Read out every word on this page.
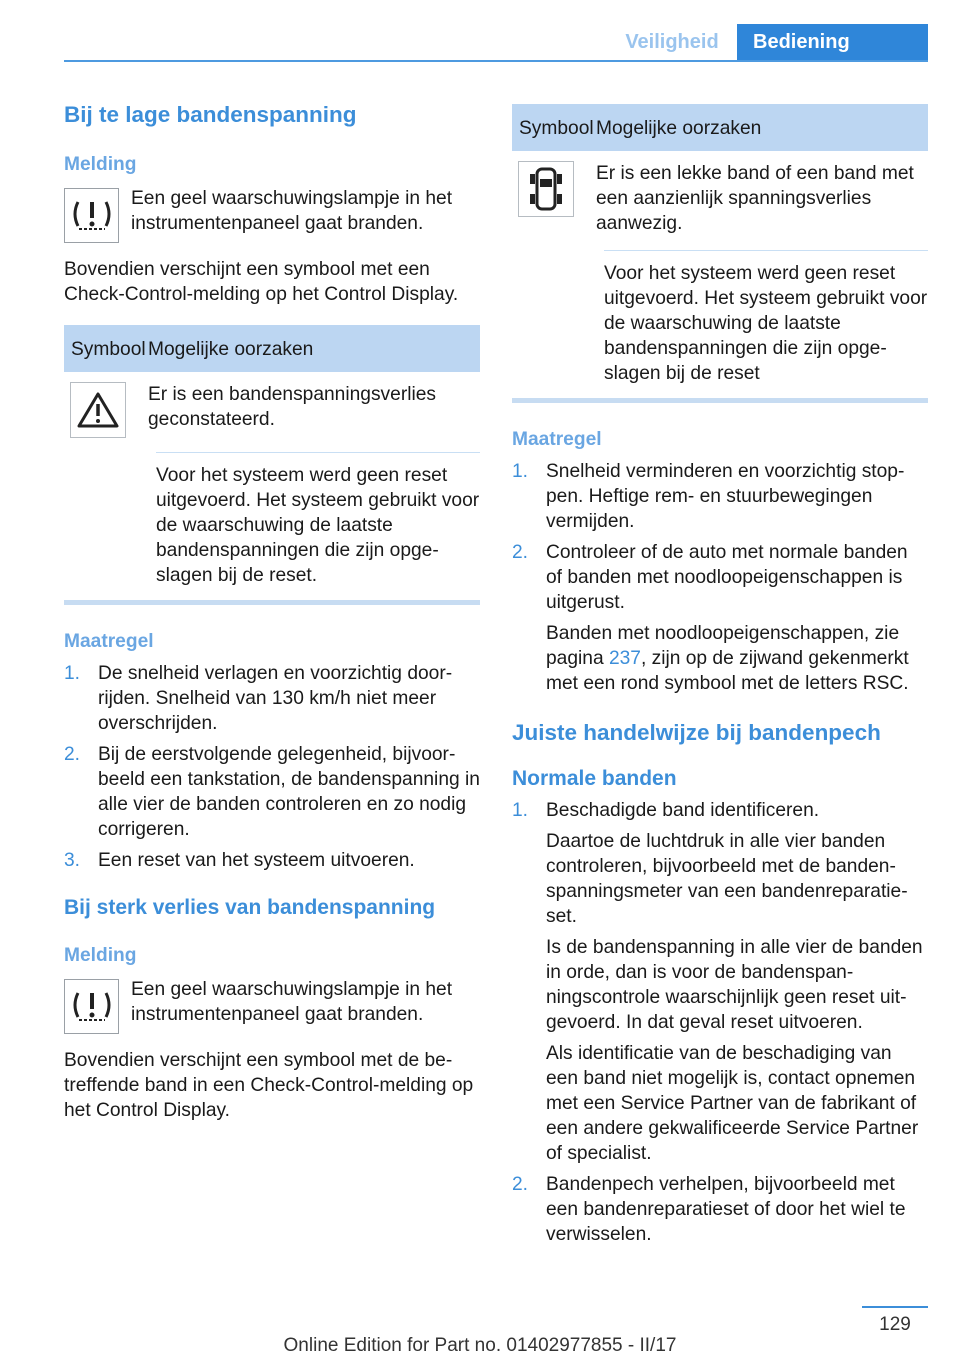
Veiligheid	Bediening
Bij te lage bandenspanning
Melding

Een geel waarschuwingslampje in het instrumentenpaneel gaat branden.

Bovendien verschijnt een symbool met een Check-Control-melding op het Control Display.

Symbool Mogelijke oorzaken
Er is een bandenspanningsverlies geconstateerd.
Voor het systeem werd geen reset uitgevoerd. Het systeem gebruikt voor de waarschuwing de laatste bandenspanningen die zijn opgeslagen bij de reset.
Maatregel
1. De snelheid verlagen en voorzichtig doorrijden. Snelheid van 130 km/h niet meer overschrijden.
2. Bij de eerstvolgende gelegenheid, bijvoorbeeld een tankstation, de bandenspanning in alle vier de banden controleren en zo nodig corrigeren.
3. Een reset van het systeem uitvoeren.
Bij sterk verlies van bandenspanning
Melding

Een geel waarschuwingslampje in het instrumentenpaneel gaat branden.

Bovendien verschijnt een symbool met de betreffende band in een Check-Control-melding op het Control Display.

Symbool Mogelijke oorzaken
Er is een lekke band of een band met een aanzienlijk spanningsverlies aanwezig.
Voor het systeem werd geen reset uitgevoerd. Het systeem gebruikt voor de waarschuwing de laatste bandenspanningen die zijn opgeslagen bij de reset
Maatregel
1. Snelheid verminderen en voorzichtig stoppen. Heftige rem- en stuurbewegingen vermijden.
2. Controleer of de auto met normale banden of banden met noodloopeigenschappen is uitgerust.

Banden met noodloopeigenschappen, zie pagina 237, zijn op de zijwand gekenmerkt met een rond symbool met de letters RSC.

Juiste handelwijze bij bandenpech
Normale banden
1. Beschadigde band identificeren.

Daartoe de luchtdruk in alle vier banden controleren, bijvoorbeeld met de bandenspanningsmeter van een bandenreparatieset.

Is de bandenspanning in alle vier de banden in orde, dan is voor de bandenspanningscontrole waarschijnlijk geen reset uitgevoerd. In dat geval reset uitvoeren.

Als identificatie van de beschadiging van een band niet mogelijk is, contact opnemen met een Service Partner van de fabrikant of een andere gekwalificeerde Service Partner of specialist.

2. Bandenpech verhelpen, bijvoorbeeld met een bandenreparatieset of door het wiel te verwisselen.
129
Online Edition for Part no. 01402977855 - II/17
